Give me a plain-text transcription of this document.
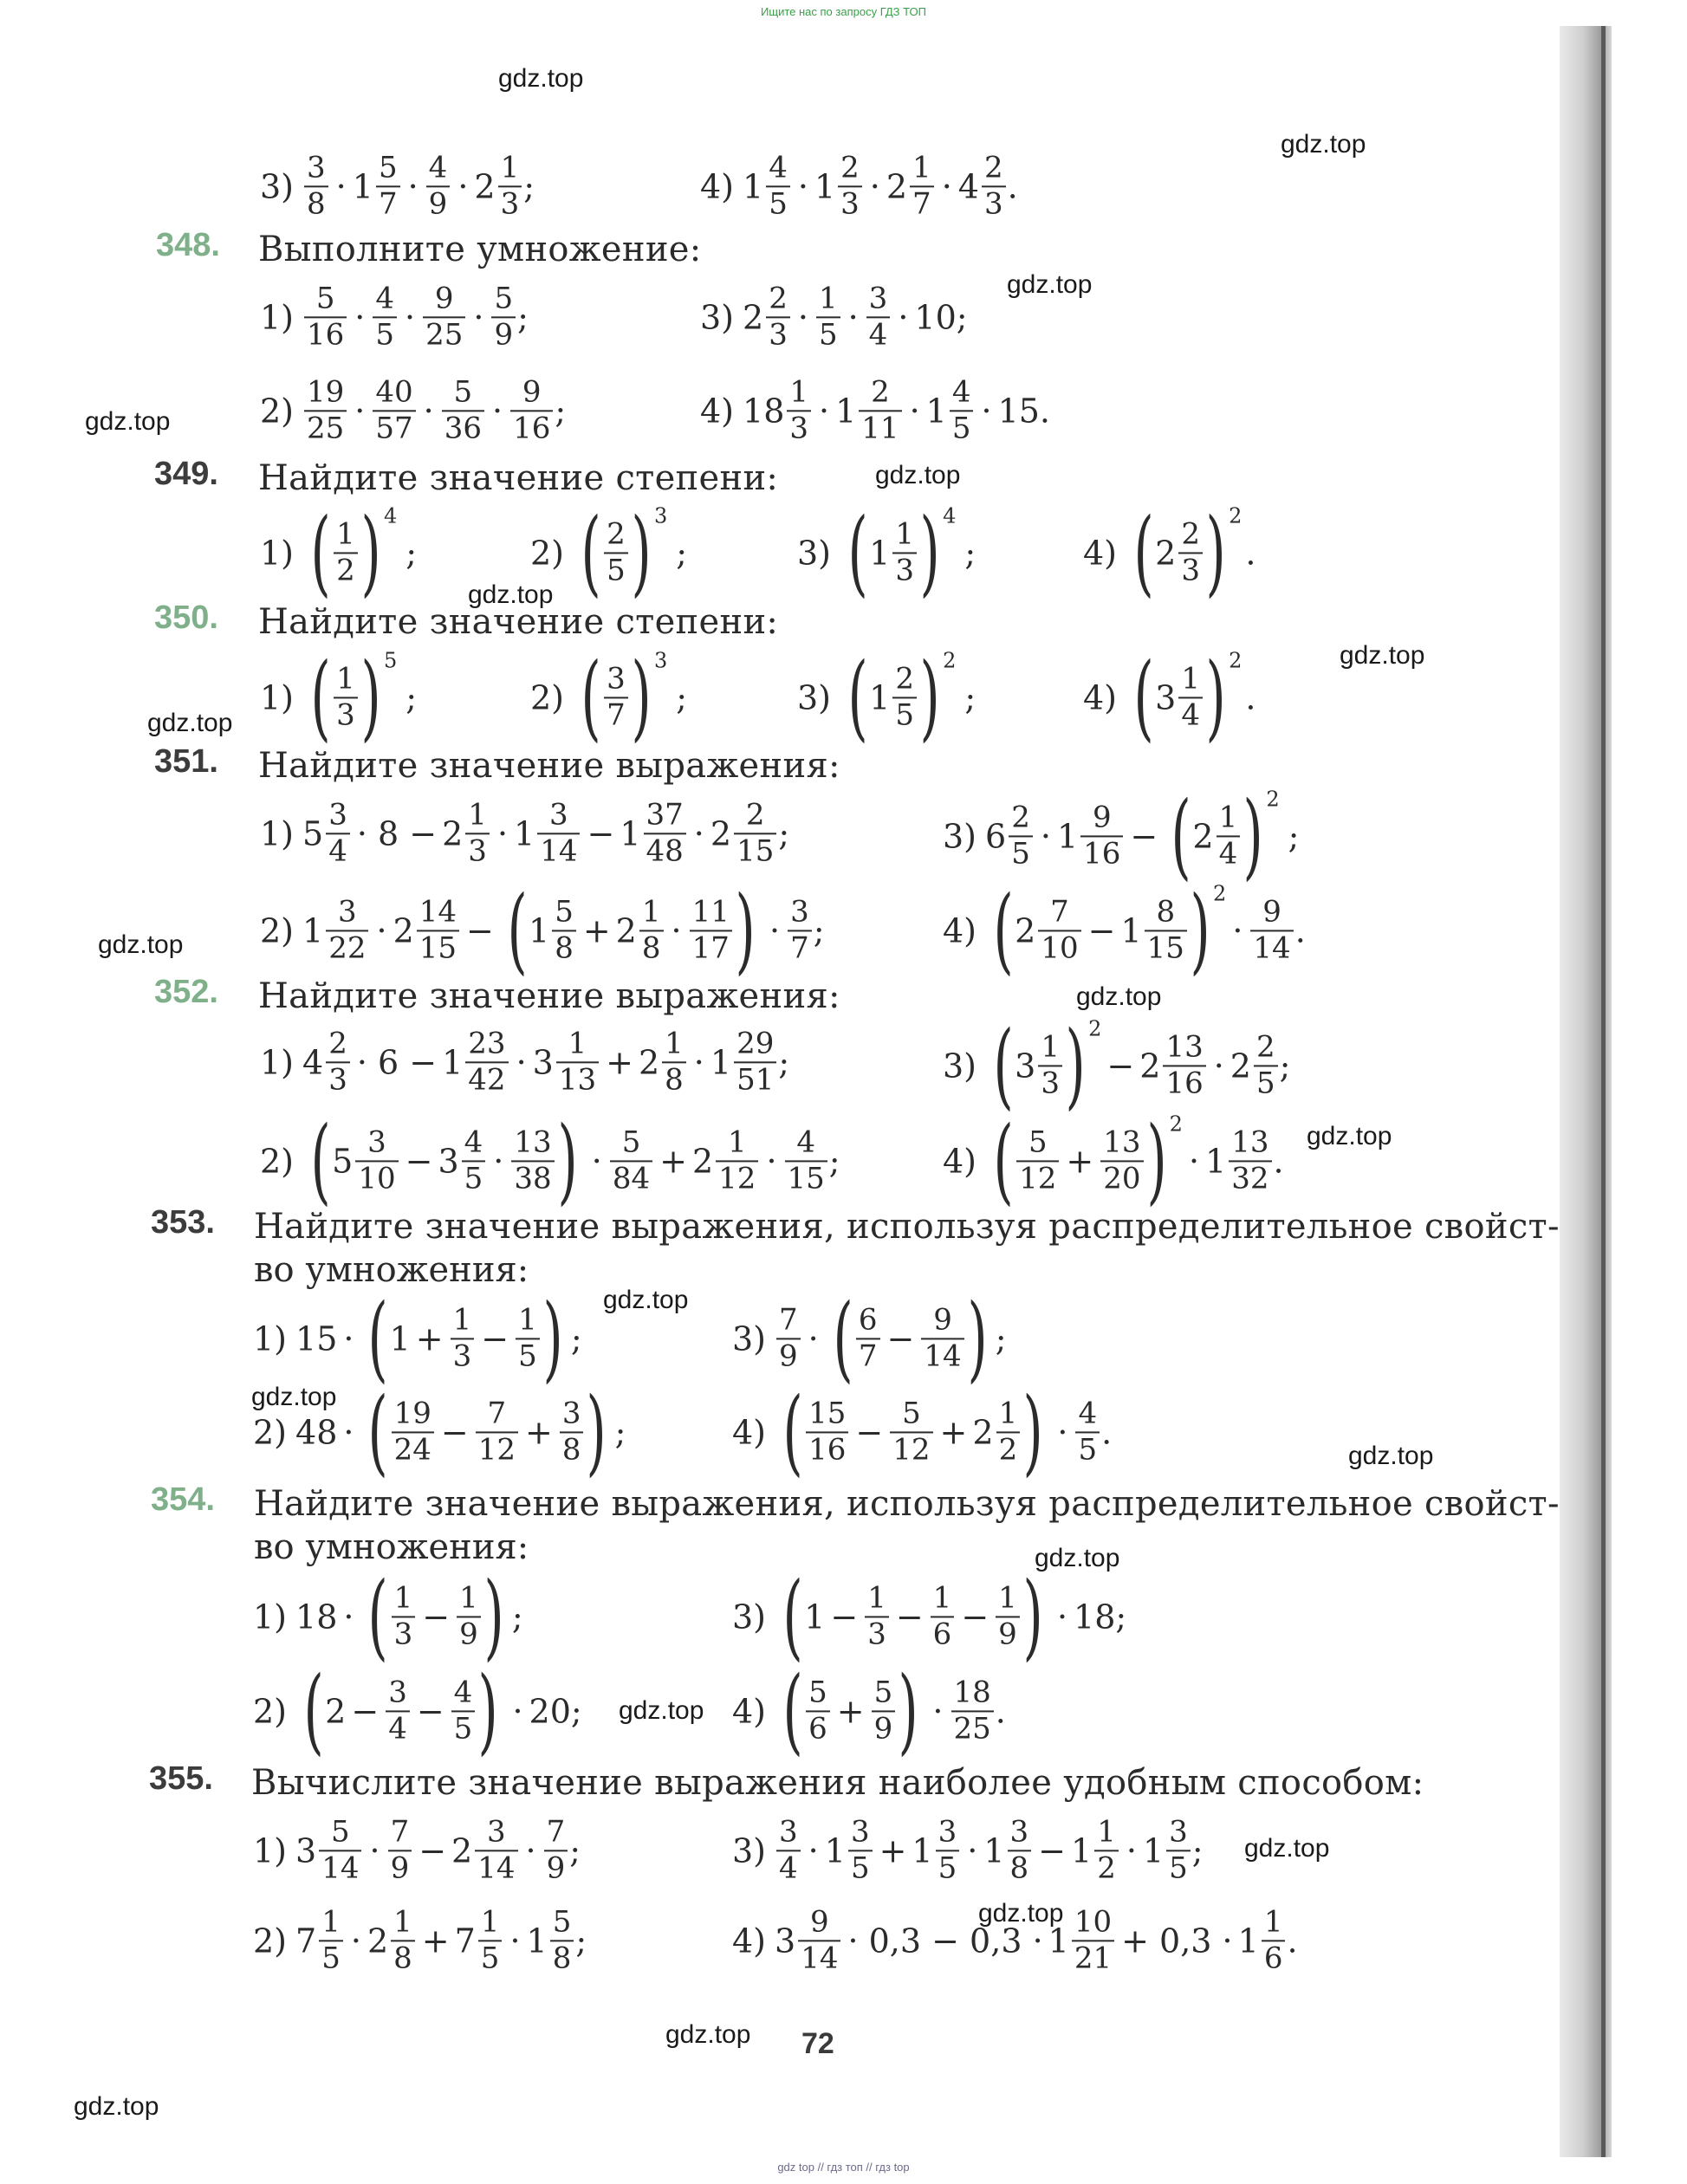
Ищите нас по запросу ГДЗ ТОП
gdz.top
gdz.top
gdz.top
gdz.top
gdz.top
gdz.top
gdz.top
gdz.top
gdz.top
gdz.top
gdz.top
gdz.top
gdz.top
gdz.top
gdz.top
gdz.top
gdz.top
gdz.top
gdz.top
gdz.top
3) 3
8 · 1 5
7 · 4
9 · 2 1
3 ;	4) 1 4
5 · 1 2
3 · 2 1
7 · 4 2
3 .
348. Выполните умножение:
1) 5
16 · 4
5 · 9
25 · 5
9 ;	3) 2 2
3 · 1
5 · 3
4 · 10;
2) 19
25 · 40
57 · 5
36 · 9
16 ;	4) 18 1
3 · 1 2
11 · 1 4
5 · 15.
349. Найдите значение степени:
1) ( 1
2 ) 4
;	2) ( 2
5 ) 3
;	3) ( 1 1
3 ) 4
;	4) ( 2 2
3 ) 2
.
350. Найдите значение степени:
1) ( 1
3 ) 5
;	2) ( 3
7 ) 3
;	3) ( 1 2
5 ) 2
;	4) ( 3 1
4 ) 2
.
351. Найдите значение выражения:
1) 5 3
4 · 8 − 2 1
3 · 1 3
14 − 1 37
48 · 2 2
15 ;	3) 6 2
5 · 1 9
16 − ( 2 1
4 ) 2
;
2) 1 3
22 · 2 14
15 − ( 1 5
8 + 2 1
8 · 11
17 ) · 3
7 ;	4) ( 2 7
10 − 1 8
15 ) 2
· 9
14 .
352. Найдите значение выражения:
1) 4 2
3 · 6 − 1 23
42 · 3 1
13 + 2 1
8 · 1 29
51 ;	3) ( 3 1
3 ) 2
− 2 13
16 · 2 2
5 ;
2) ( 5 3
10 − 3 4
5 · 13
38 ) · 5
84 + 2 1
12 · 4
15 ;	4) ( 5
$12 + \frac{13}{20}$ ) 2
· 1 13
32 .
353. Найдите значение выражения, используя распределительное свойст-
во умножения:
1) 15 · ( $1 + \frac{1}{3} - \frac{1}{5}$ ) ;	3) 7
9 · ( 6
$7 - \frac{9}{14}$ ) ;
2) 48 · ( 19
$24 - \frac{7}{12} + \frac{3}{8}$ ) ;	4) ( 15
$16 - \frac{5}{12} + 2$ 1
2 ) · 4
5 .
354. Найдите значение выражения, используя распределительное свойст-
во умножения:
1) 18 · ( 1
$3 - \frac{1}{9}$ ) ;	3) ( $1 - \frac{1}{3} - \frac{1}{6} - \frac{1}{9}$ ) · 18;
2) ( $2 - \frac{3}{4} - \frac{4}{5}$ ) · 20;	4) ( 5
$6 + \frac{5}{9}$ ) · 18
25 .
355. Вычислите значение выражения наиболее удобным способом:
1) 3 5
14 · 7
9 − 2 3
14 · 7
9 ;	3) 3
4 · 1 3
5 + 1 3
5 · 1 3
8 − 1 1
2 · 1 3
5 ;
2) 7 1
5 · 2 1
8 + 7 1
5 · 1 5
8 ;	4) 3 9
14 · 0,3 − 0,3 · 1 10
21 + 0,3 · 1 1
6 .
72
gdz top // гдз топ // гдз top
